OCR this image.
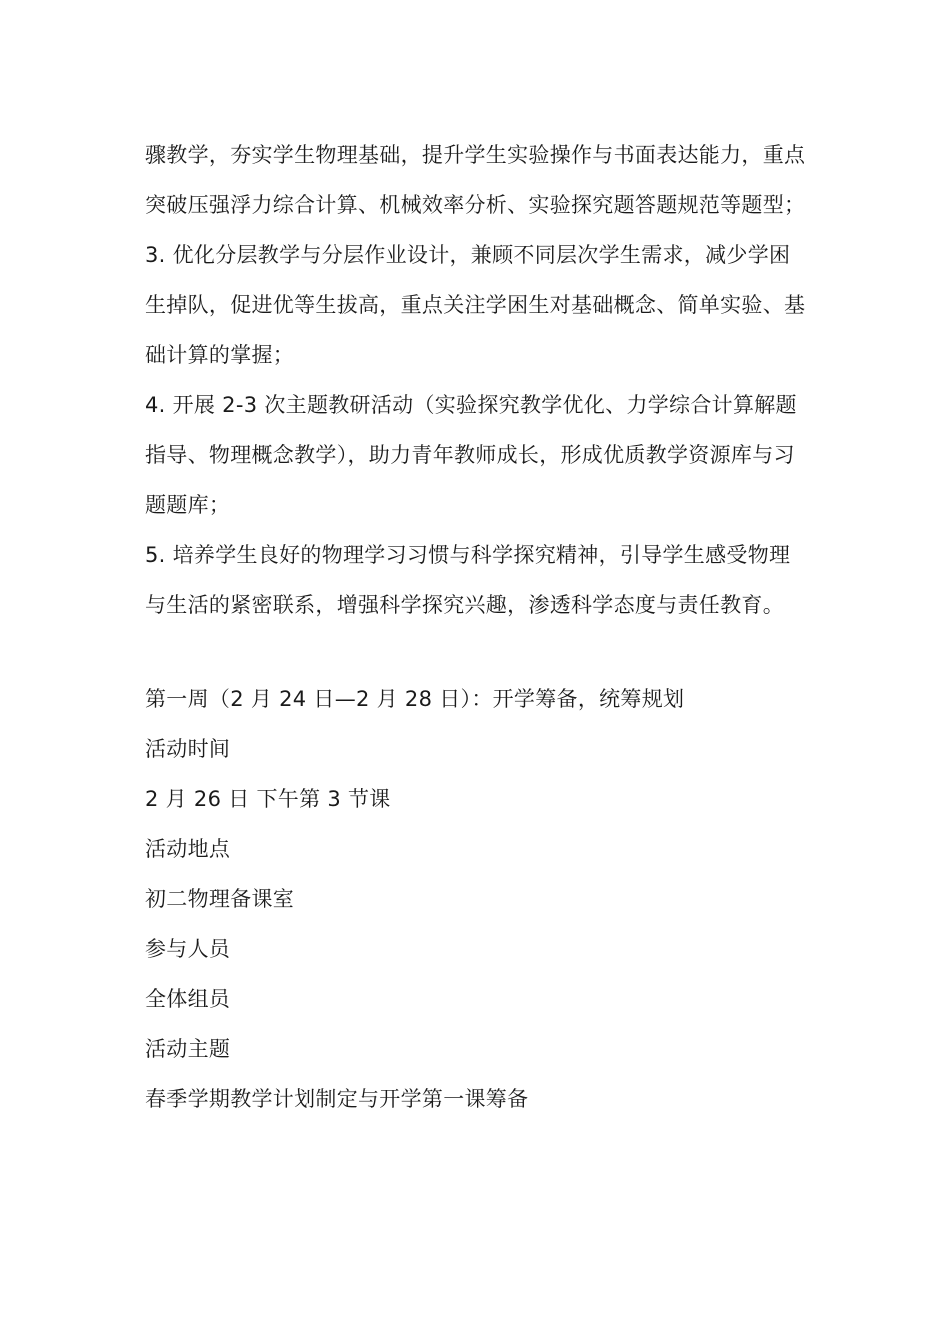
骤教学，夯实学生物理基础，提升学生实验操作与书面表达能力，重点突破压强浮力综合计算、机械效率分析、实验探究题答题规范等题型；

3. 优化分层教学与分层作业设计，兼顾不同层次学生需求，减少学困生掉队，促进优等生拔高，重点关注学困生对基础概念、简单实验、基础计算的掌握；

4. 开展 2-3 次主题教研活动（实验探究教学优化、力学综合计算解题指导、物理概念教学），助力青年教师成长，形成优质教学资源库与习题题库；

5. 培养学生良好的物理学习习惯与科学探究精神，引导学生感受物理与生活的紧密联系，增强科学探究兴趣，渗透科学态度与责任教育。

第一周（2 月 24 日—2 月 28 日）：开学筹备，统筹规划

活动时间

2 月 26 日 下午第 3 节课

活动地点

初二物理备课室

参与人员

全体组员

活动主题

春季学期教学计划制定与开学第一课筹备
